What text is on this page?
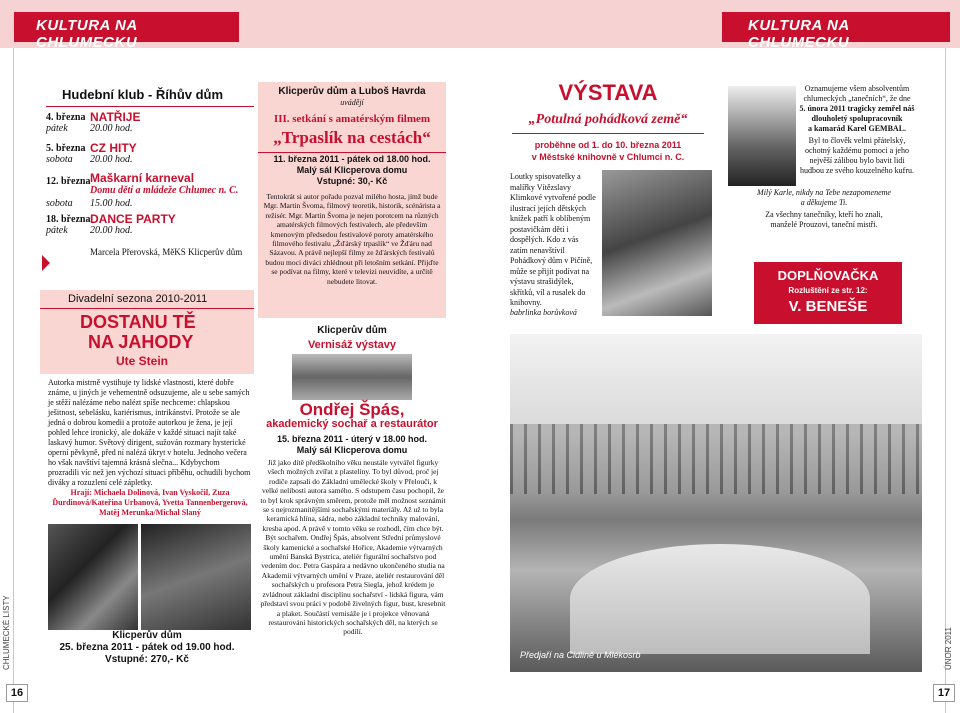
KULTURA NA CHLUMECKU
KULTURA NA CHLUMECKU
CHLUMECKÉ LISTY	ÚNOR 2011
16	17
Hudební klub - Říhův dům
4. března
pátek
NATŘIJE
20.00 hod.
5. března
sobota
CZ HITY
20.00 hod.
12. března
sobota
Maškarní karneval
Domu dětí a mládeže Chlumec n. C.
15.00 hod.
18. března
pátek
DANCE PARTY
20.00 hod.
Marcela Přerovská, MěKS Klicperův dům
Divadelní sezona 2010-2011
DOSTANU TĚ
NA JAHODY
Ute Stein
Autorka mistrně vystihuje ty lidské vlastnosti, které dobře známe, u jiných je vehementně odsuzujeme, ale u sebe samých je stěží nalézáme nebo nalézt spíše nechceme: chlapskou ješitnost, sebelásku, kariérismus, intrikánství. Protože se ale jedná o dobrou komedii a protože autorkou je žena, je její pohled lehce ironický, ale dokáže v každé situaci najít také laskavý humor. Světový dirigent, sužován rozmary hysterické operní pěvkyně, před ní nalézá úkryt v hotelu. Jednoho večera ho však navštíví tajemná krásná slečna... Kdybychom prozradili víc než jen výchozí situaci příběhu, ochudili bychom diváky a rozuzlení celé zápletky.
Hrají: Michaela Dolinová, Ivan Vyskočil, Zuza Ďurdinová/Kateřina Urbanová, Yvetta Tannenbergerová, Matěj Merunka/Michal Slaný
Klicperův dům
25. března 2011 - pátek od 19.00 hod.
Vstupné: 270,- Kč
Klicperův dům a Luboš Havrda
uvádějí
III. setkání s amatérským filmem
„Trpaslík na cestách“
11. března 2011 - pátek od 18.00 hod.
Malý sál Klicperova domu
Vstupné: 30,- Kč
Tentokrát si autor pořadu pozval milého hosta, jímž bude Mgr. Martin Švoma, filmový teoretik, historik, scénárista a režisér. Mgr. Martin Švoma je nejen porotcem na různých amatérských filmových festivalech, ale především kmenovým předsedou festivalové poroty amatérského filmového festivalu „Žďárský trpaslík“ ve Žďáru nad Sázavou. A právě nejlepší filmy ze žďárských festivalů budou moci diváci zhlédnout při letošním setkání. Přijďte se podívat na filmy, které v televizi neuvidíte, a určitě nebudete litovat.
Klicperův dům
Vernisáž výstavy
Ondřej Špás,
akademický sochař a restaurátor
15. března 2011 - úterý v 18.00 hod.
Malý sál Klicperova domu
Již jako dítě předškolního věku neustále vytvářel figurky všech možných zvířat z plastelíny. To byl důvod, proč jej rodiče zapsali do Základní umělecké školy v Přelouči, k velké nelibosti autora samého. S odstupem času pochopil, že to byl krok správným směrem, protože měl možnost seznámit se s nejrozmanitějšími sochařskými materiály. Až už to byla keramická hlína, sádra, nebo základní techniky malování, kresba apod. A právě v tomto věku se rozhodl, čím chce být. Být sochařem. Ondřej Špás, absolvent Střední průmyslové školy kamenické a sochařské Hořice, Akademie výtvarných umění Banská Bystrica, ateliér figurální sochařstvo pod vedením doc. Petra Gaspára a nedávno ukončeného studia na Akademii výtvarných umění v Praze, ateliér restaurování děl sochařských u profesora Petra Siegla, jehož krédem je zvládnout základní disciplínu sochařství - lidská figura, vám představí svou práci v podobě živelných figur, bust, kresebnit a plaket. Součástí vernisáže je i projekce věnovaná restaurování historických sochařských děl, na kterých se podílí.
VÝSTAVA
„Potulná pohádková země“
proběhne od 1. do 10. března 2011
v Městské knihovně v Chlumci n. C.
Loutky spisovatelky a malířky Vítězslavy Klimkové vytvořené podle ilustrací jejích dětských knížek patří k oblíbeným postavičkám dětí i dospělých. Kdo z vás zatím nenavštívil Pohádkový dům v Pičíně, může se přijít podívat na výstavu strašidýlek, skřítků, víl a rusalek do knihovny.
babrlinka borůvková
Oznamujeme všem absolventům chlumeckých „tanečních“, že dne
5. února 2011 tragicky zemřel náš dlouholetý spolupracovník
a kamarád Karel GEMBAL.
Byl to člověk velmi přátelský, ochotný každému pomoci a jeho nejvěší zálibou bylo bavit lidi hudbou ze svého kouzelného kufru.
Milý Karle, nikdy na Tebe nezapomeneme
a děkujeme Ti.
Za všechny tanečníky, kteří ho znali, manželé Prouzovi, taneční mistři.
DOPLŇOVAČKA
Rozluštění ze str. 12:
V. BENEŠE
Předjaří na Cidlině u Mlékosrb
